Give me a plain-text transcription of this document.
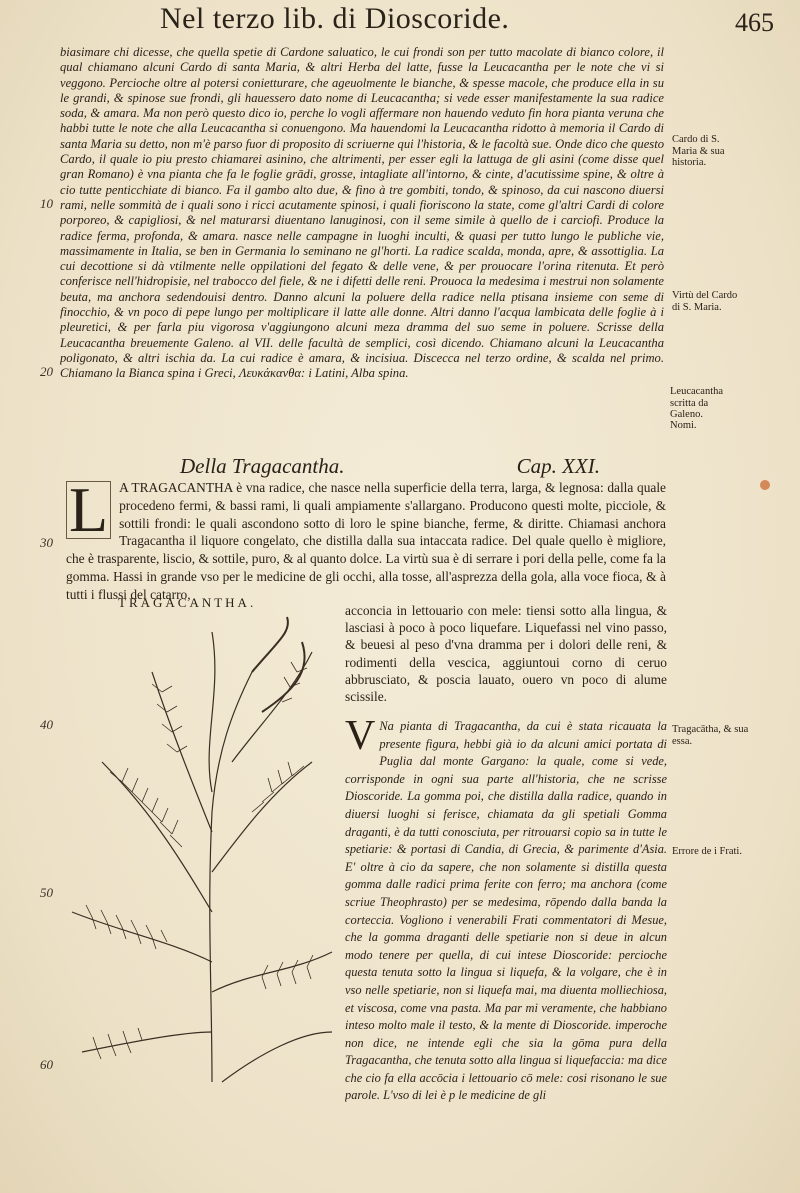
Nel terzo lib. di Dioscoride.	465

biasimare chi dicesse, che quella spetie di Cardone saluatico, le cui frondi son per tutto macolate di bianco colore, il qual chiamano alcuni Cardo di santa Maria, & altri Herba del latte, fusse la Leucacantha per le note che vi si veggono. Percioche oltre al potersi conietturare, che ageuolmente le bianche, & spesse macole, che produce ella in su le grandi, & spinose sue frondi, gli hauessero dato nome di Leucacantha; si vede esser manifestamente la sua radice soda, & amara. Ma non però questo dico io, perche lo vogli affermare non hauendo veduto fin hora pianta veruna che habbi tutte le note che alla Leucacantha si conuengono. Ma hauendomi la Leucacantha ridotto à memoria il Cardo di santa Maria su detto, non m'è parso fuor di proposito di scriuerne qui l'historia, & le facoltà sue. Onde dico che questo Cardo, il quale io piu presto chiamarei asinino, che altrimenti, per esser egli la lattuga de gli asini (come disse quel gran Romano) è vna pianta che fa le foglie grādi, grosse, intagliate all'intorno, & cinte, d'acutissime spine, & oltre à cio tutte penticchiate di bianco. Fa il gambo alto due, & fino à tre gombiti, tondo, & spinoso, da cui nascono diuersi rami, nelle sommità de i quali sono i ricci acutamente spinosi, i quali fioriscono la state, come gl'altri Cardi di colore porporeo, & capigliosi, & nel maturarsi diuentano lanuginosi, con il seme simile à quello de i carciofi. Produce la radice ferma, profonda, & amara. nasce nelle campagne in luoghi inculti, & quasi per tutto lungo le publiche vie, massimamente in Italia, se ben in Germania lo seminano ne gl'horti. La radice scalda, monda, apre, & assottiglia. La cui decottione si dà vtilmente nelle oppilationi del fegato & delle vene, & per prouocare l'orina ritenuta. Et però conferisce nell'hidropisie, nel trabocco del fiele, & ne i difetti delle reni. Prouoca la medesima i mestrui non solamente beuta, ma anchora sedendouisi dentro. Danno alcuni la poluere della radice nella ptisana insieme con seme di finocchio, & vn poco di pepe lungo per moltiplicare il latte alle donne. Altri danno l'acqua lambicata delle foglie à i pleuretici, & per farla piu vigorosa v'aggiungono alcuni meza dramma del suo seme in poluere. Scrisse della Leucacantha breuemente Galeno. al VII. delle facultà de semplici, così dicendo. Chiamano alcuni la Leucacantha poligonato, & altri ischia da. La cui radice è amara, & incisiua. Discecca nel terzo ordine, & scalda nel primo. Chiamano la Bianca spina i Greci, Λευκάκανθα: i Latini, Alba spina.

10
20
30
40
50
60
Cardo di S. Maria & sua historia.
Virtù del Cardo di S. Maria.
Leucacantha scritta da Galeno.
Nomi.
Tragacātha, & sua essa.
Errore de i Frati.
Della Tragacantha.	Cap. XXI.
L A TRAGACANTHA è vna radice, che nasce nella superficie della terra, larga, & legnosa: dalla quale procedeno fermi, & bassi rami, li quali ampiamente s'allargano. Producono questi molte, picciole, & sottili frondi: le quali ascondono sotto di loro le spine bianche, ferme, & diritte. Chiamasi anchora Tragacantha il liquore congelato, che distilla dalla sua intaccata radice. Del quale quello è migliore, che è trasparente, liscio, & sottile, puro, & al quanto dolce. La virtù sua è di serrare i pori della pelle, come fa la gomma. Hassi in grande vso per le medicine de gli occhi, alla tosse, all'asprezza della gola, alla voce fioca, & à tutti i flussi del catarro,
TRAGACANTHA.
acconcia in lettouario con mele: tiensi sotto alla lingua, & lasciasi à poco à poco liquefare. Liquefassi nel vino passo, & beuesi al peso d'vna dramma per i dolori delle reni, & rodimenti della vescica, aggiuntoui corno di ceruo abbrusciato, & poscia lauato, ouero vn poco di alume scissile.
V Na pianta di Tragacantha, da cui è stata ricauata la presente figura, hebbi già io da alcuni amici portata di Puglia dal monte Gargano: la quale, come si vede, corrisponde in ogni sua parte all'historia, che ne scrisse Dioscoride. La gomma poi, che distilla dalla radice, quando in diuersi luoghi si ferisce, chiamata da gli spetiali Gomma draganti, è da tutti conosciuta, per ritrouarsi copio sa in tutte le spetiarie: & portasi di Candia, di Grecia, & parimente d'Asia. E' oltre à cio da sapere, che non solamente si distilla questa gomma dalle radici prima ferite con ferro; ma anchora (come scriue Theophrasto) per se medesima, rōpendo dalla banda la corteccia. Vogliono i venerabili Frati commentatori di Mesue, che la gomma draganti delle spetiarie non si deue in alcun modo tenere per quella, di cui intese Dioscoride: percioche questa tenuta sotto la lingua si liquefa, & la volgare, che è in vso nelle spetiarie, non si liquefa mai, ma diuenta molliechiosa, et viscosa, come vna pasta. Ma par mi veramente, che habbiano inteso molto male il testo, & la mente di Dioscoride. imperoche non dice, ne intende egli che sia la gōma pura della Tragacantha, che tenuta sotto alla lingua si liquefaccia: ma dice che cio fa ella accōcia i lettouario cō mele: cosi risonano le sue parole. L'vso di lei è p le medicine de gli
